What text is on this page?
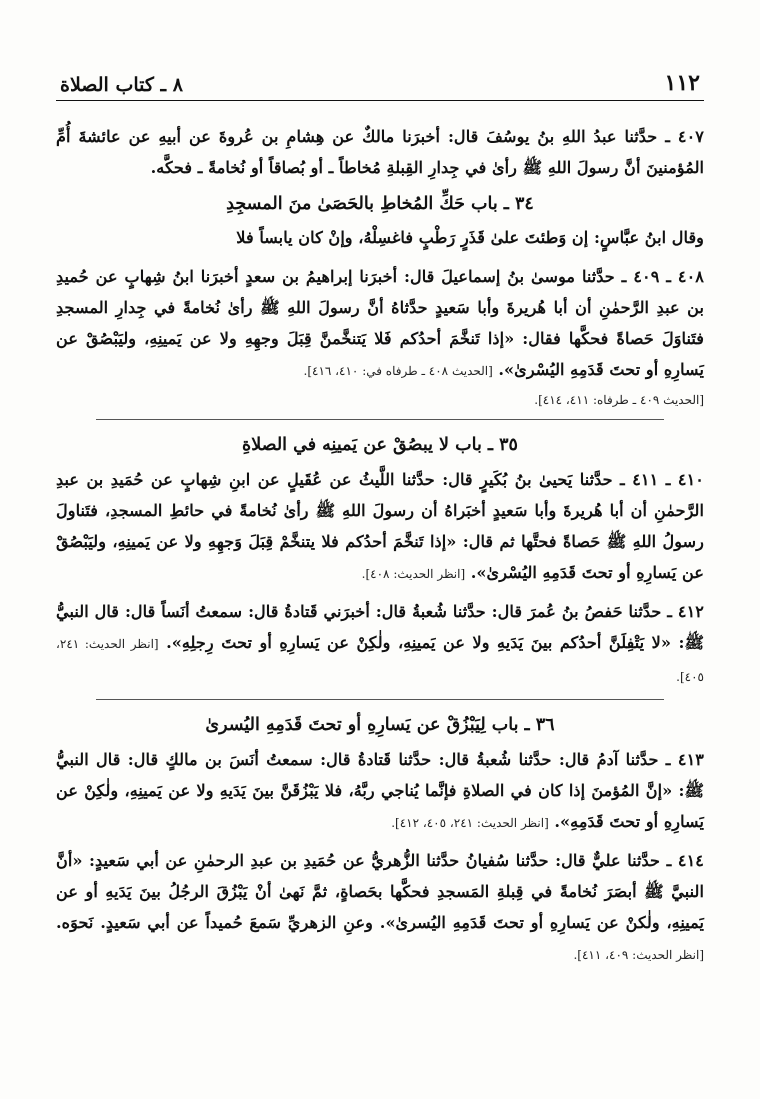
١١٢
٨ ـ كتاب الصلاة

٤٠٧ ـ حدَّثنا عبدُ اللهِ بنُ يوسُفَ قال: أخبرَنا مالكٌ عن هِشامِ بن عُروةَ عن أبيهِ عن عائشةَ أُمِّ المُؤمنينَ أنَّ رسولَ اللهِ ﷺ رأىٰ في جِدارِ القِبلةِ مُخاطاً ـ أو بُصاقاً أو نُخامةً ـ فحكَّه.

٣٤ ـ باب حَكِّ المُخاطِ بالحَصَىٰ منَ المسجِدِ
وقال ابنُ عبَّاسٍ: إن وَطئتَ علىٰ قَذَرٍ رَطْبٍ فاغسِلْهُ، وإنْ كان يابساً فلا

٤٠٨ ـ ٤٠٩ ـ حدَّثنا موسىٰ بنُ إسماعيلَ قال: أخبرَنا إبراهيمُ بن سعدٍ أخبرَنا ابنُ شِهابٍ عن حُميدِ بن عبدِ الرَّحمٰنِ أن أبا هُريرةَ وأبا سَعيدٍ حدَّثاهُ أنَّ رسولَ اللهِ ﷺ رأىٰ نُخامةً في جِدارِ المسجدِ فتَناوَلَ حَصاةً فحكَّها فقال: «إذا تَنخَّمَ أحدُكم فَلا يَتنخَّمنَّ قِبَلَ وجهِهِ ولا عن يَمينِهِ، وليَبْصُقْ عن يَسارِهِ أو تحتَ قَدَمِهِ اليُسْرىٰ». [الحديث ٤٠٨ ـ طرفاه في: ٤١٠، ٤١٦].

[الحديث ٤٠٩ ـ طرفاه: ٤١١، ٤١٤].
٣٥ ـ باب لا يبصُقْ عن يَمينِه في الصلاةِ

٤١٠ ـ ٤١١ ـ حدَّثنا يَحيىٰ بنُ بُكَيرٍ قال: حدَّثنا اللَّيثُ عن عُقَيلٍ عن ابنِ شِهابٍ عن حُمَيدِ بن عبدِ الرَّحمٰنِ أن أبا هُريرةَ وأبا سَعيدٍ أخبَراهُ أن رسولَ اللهِ ﷺ رأىٰ نُخامةً في حائطِ المسجدِ، فتَناولَ رسولُ اللهِ ﷺ حَصاةً فحتَّها ثم قال: «إذا تَنخَّمَ أحدُكم فلا يتنخَّمْ قِبَلَ وَجهِهِ ولا عن يَمينِهِ، وليَبْصُقْ عن يَسارِهِ أو تحتَ قَدَمِهِ اليُسْرىٰ». [انظر الحديث: ٤٠٨].

٤١٢ ـ حدَّثنا حَفصُ بنُ عُمرَ قال: حدَّثنا شُعبةُ قال: أخبرَني قَتادةُ قال: سمعتُ أنَساً قال: قال النبيُّ ﷺ: «لا يَتْفِلَنَّ أحدُكم بينَ يَدَيهِ ولا عن يَمينِهِ، ولٰكِنْ عن يَسارِهِ أو تحتَ رِجلِهِ». [انظر الحديث: ٢٤١، ٤٠٥].

٣٦ ـ باب لِيَبْزُقْ عن يَسارِهِ أو تحتَ قَدَمِهِ اليُسرىٰ

٤١٣ ـ حدَّثنا آدمُ قال: حدَّثنا شُعبةُ قال: حدَّثنا قَتادةُ قال: سمعتُ أنَسَ بن مالكٍ قال: قال النبيُّ ﷺ: «إنَّ المُؤمنَ إذا كان في الصلاةِ فإنَّما يُناجي ربَّهُ، فلا يَبْزُقَنَّ بينَ يَدَيهِ ولا عن يَمينِهِ، ولٰكِنْ عن يَسارِهِ أو تحتَ قَدَمِهِ». [انظر الحديث: ٢٤١، ٤٠٥، ٤١٢].

٤١٤ ـ حدَّثنا عليٌّ قال: حدَّثنا سُفيانُ حدَّثنا الزُّهريُّ عن حُمَيدِ بن عبدِ الرحمٰنِ عن أبي سَعيدٍ: «أنَّ النبيَّ ﷺ أبصَرَ نُخامةً في قِبلةِ المَسجدِ فحكَّها بحَصاةٍ، ثمَّ نَهىٰ أنْ يَبْزُقَ الرجُلُ بينَ يَدَيهِ أو عن يَمينِهِ، ولٰكنْ عن يَسارِهِ أو تحتَ قَدَمِهِ اليُسرىٰ». وعنِ الزهريِّ سَمعَ حُميداً عن أبي سَعيدٍ. نَحوَه. [انظر الحديث: ٤٠٩، ٤١١].
